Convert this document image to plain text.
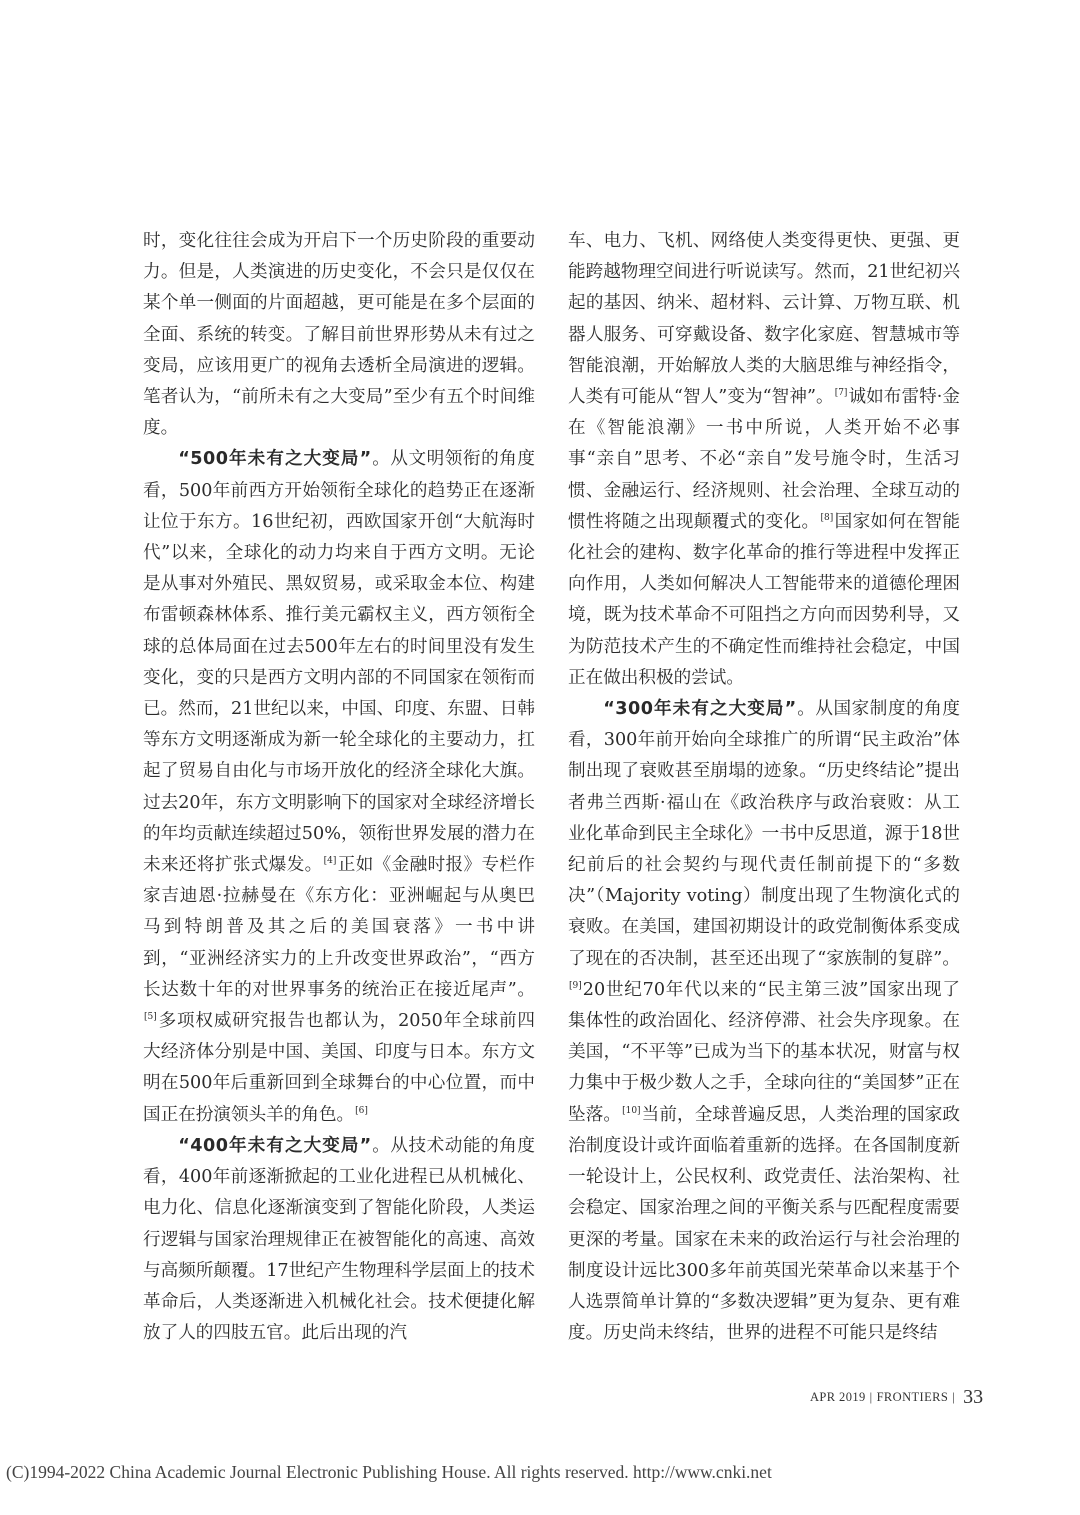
时，变化往往会成为开启下一个历史阶段的重要动力。但是，人类演进的历史变化，不会只是仅仅在某个单一侧面的片面超越，更可能是在多个层面的全面、系统的转变。了解目前世界形势从未有过之变局，应该用更广的视角去透析全局演进的逻辑。笔者认为，“前所未有之大变局”至少有五个时间维度。

“500年未有之大变局”。从文明领衔的角度看，500年前西方开始领衔全球化的趋势正在逐渐让位于东方。16世纪初，西欧国家开创“大航海时代”以来，全球化的动力均来自于西方文明。无论是从事对外殖民、黑奴贸易，或采取金本位、构建布雷顿森林体系、推行美元霸权主义，西方领衔全球的总体局面在过去500年左右的时间里没有发生变化，变的只是西方文明内部的不同国家在领衔而已。然而，21世纪以来，中国、印度、东盟、日韩等东方文明逐渐成为新一轮全球化的主要动力，扛起了贸易自由化与市场开放化的经济全球化大旗。过去20年，东方文明影响下的国家对全球经济增长的年均贡献连续超过50%，领衔世界发展的潜力在未来还将扩张式爆发。[4]正如《金融时报》专栏作家吉迪恩·拉赫曼在《东方化：亚洲崛起与从奥巴马到特朗普及其之后的美国衰落》一书中讲到，“亚洲经济实力的上升改变世界政治”，“西方长达数十年的对世界事务的统治正在接近尾声”。[5]多项权威研究报告也都认为，2050年全球前四大经济体分别是中国、美国、印度与日本。东方文明在500年后重新回到全球舞台的中心位置，而中国正在扮演领头羊的角色。[6]

“400年未有之大变局”。从技术动能的角度看，400年前逐渐掀起的工业化进程已从机械化、电力化、信息化逐渐演变到了智能化阶段，人类运行逻辑与国家治理规律正在被智能化的高速、高效与高频所颠覆。17世纪产生物理科学层面上的技术革命后，人类逐渐进入机械化社会。技术便捷化解放了人的四肢五官。此后出现的汽

车、电力、飞机、网络使人类变得更快、更强、更能跨越物理空间进行听说读写。然而，21世纪初兴起的基因、纳米、超材料、云计算、万物互联、机器人服务、可穿戴设备、数字化家庭、智慧城市等智能浪潮，开始解放人类的大脑思维与神经指令，人类有可能从“智人”变为“智神”。[7]诚如布雷特·金在《智能浪潮》一书中所说，人类开始不必事事“亲自”思考、不必“亲自”发号施令时，生活习惯、金融运行、经济规则、社会治理、全球互动的惯性将随之出现颠覆式的变化。[8]国家如何在智能化社会的建构、数字化革命的推行等进程中发挥正向作用，人类如何解决人工智能带来的道德伦理困境，既为技术革命不可阻挡之方向而因势利导，又为防范技术产生的不确定性而维持社会稳定，中国正在做出积极的尝试。

“300年未有之大变局”。从国家制度的角度看，300年前开始向全球推广的所谓“民主政治”体制出现了衰败甚至崩塌的迹象。“历史终结论”提出者弗兰西斯·福山在《政治秩序与政治衰败：从工业化革命到民主全球化》一书中反思道，源于18世纪前后的社会契约与现代责任制前提下的“多数决”（Majority voting）制度出现了生物演化式的衰败。在美国，建国初期设计的政党制衡体系变成了现在的否决制，甚至还出现了“家族制的复辟”。[9]20世纪70年代以来的“民主第三波”国家出现了集体性的政治固化、经济停滞、社会失序现象。在美国，“不平等”已成为当下的基本状况，财富与权力集中于极少数人之手，全球向往的“美国梦”正在坠落。[10]当前，全球普遍反思，人类治理的国家政治制度设计或许面临着重新的选择。在各国制度新一轮设计上，公民权利、政党责任、法治架构、社会稳定、国家治理之间的平衡关系与匹配程度需要更深的考量。国家在未来的政治运行与社会治理的制度设计远比300多年前英国光荣革命以来基于个人选票简单计算的“多数决逻辑”更为复杂、更有难度。历史尚未终结，世界的进程不可能只是终结

APR 2019 | FRONTIERS | 33
(C)1994-2022 China Academic Journal Electronic Publishing House. All rights reserved. http://www.cnki.net
